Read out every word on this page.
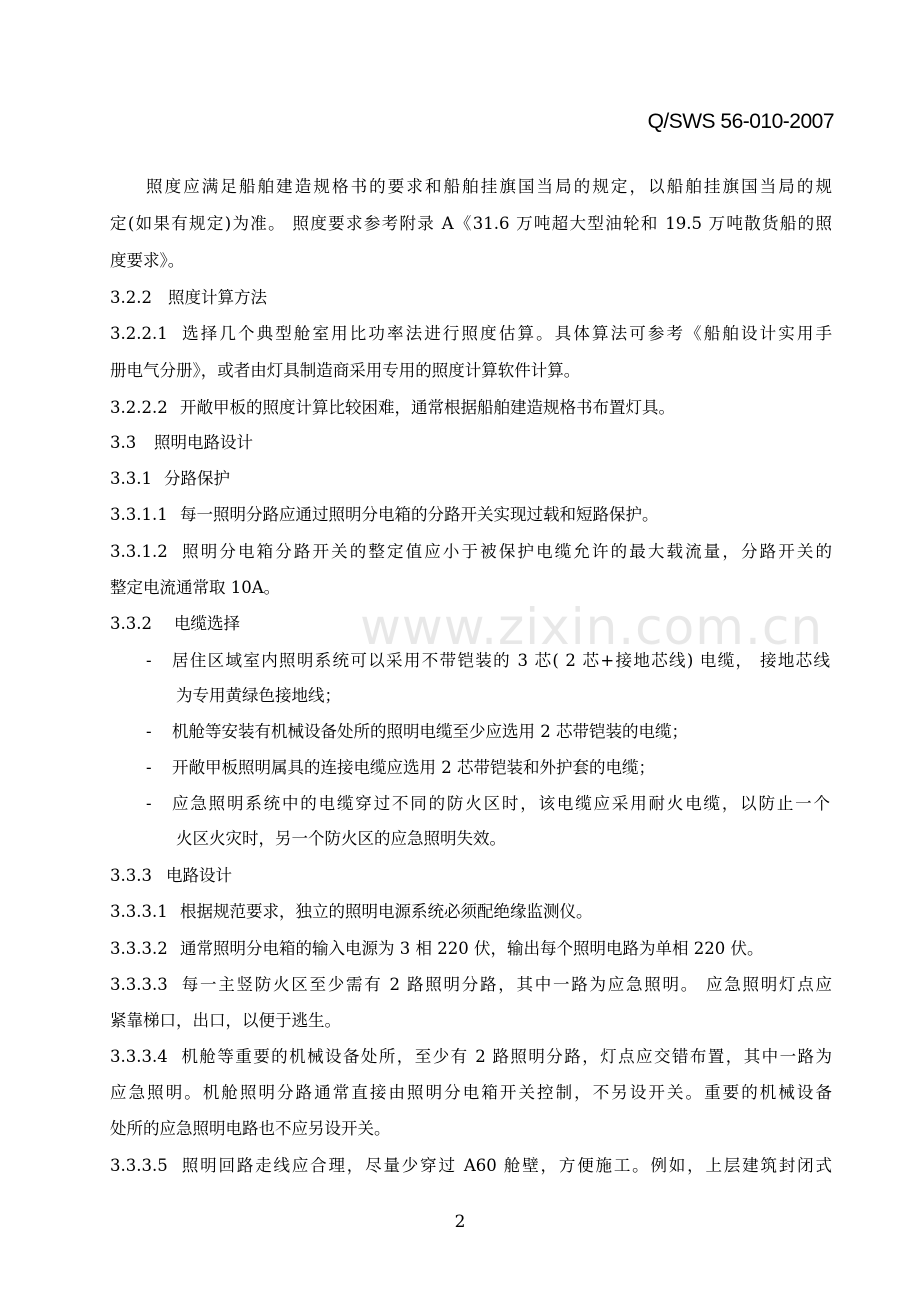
Q/SWS 56-010-2007
www.zixin.com.cn
照度应满足船舶建造规格书的要求和船舶挂旗国当局的规定，以船舶挂旗国当局的规
定(如果有规定)为准。 照度要求参考附录 A《31.6 万吨超大型油轮和 19.5 万吨散货船的照
度要求》。
3.2.2 照度计算方法
3.2.2.1 选择几个典型舱室用比功率法进行照度估算。具体算法可参考《船舶设计实用手
册电气分册》，或者由灯具制造商采用专用的照度计算软件计算。
3.2.2.2 开敞甲板的照度计算比较困难，通常根据船舶建造规格书布置灯具。
3.3 照明电路设计
3.3.1 分路保护
3.3.1.1 每一照明分路应通过照明分电箱的分路开关实现过载和短路保护。
3.3.1.2 照明分电箱分路开关的整定值应小于被保护电缆允许的最大载流量，分路开关的
整定电流通常取 10A。
3.3.2 电缆选择
- 居住区域室内照明系统可以采用不带铠装的 3 芯( 2 芯+接地芯线) 电缆， 接地芯线
为专用黄绿色接地线；
- 机舱等安装有机械设备处所的照明电缆至少应选用 2 芯带铠装的电缆；
- 开敞甲板照明属具的连接电缆应选用 2 芯带铠装和外护套的电缆；
- 应急照明系统中的电缆穿过不同的防火区时，该电缆应采用耐火电缆，以防止一个
火区火灾时，另一个防火区的应急照明失效。
3.3.3 电路设计
3.3.3.1 根据规范要求，独立的照明电源系统必须配绝缘监测仪。
3.3.3.2 通常照明分电箱的输入电源为 3 相 220 伏，输出每个照明电路为单相 220 伏。
3.3.3.3 每一主竖防火区至少需有 2 路照明分路，其中一路为应急照明。 应急照明灯点应
紧靠梯口，出口，以便于逃生。
3.3.3.4 机舱等重要的机械设备处所，至少有 2 路照明分路，灯点应交错布置，其中一路为
应急照明。机舱照明分路通常直接由照明分电箱开关控制，不另设开关。重要的机械设备
处所的应急照明电路也不应另设开关。
3.3.3.5 照明回路走线应合理，尽量少穿过 A60 舱壁，方便施工。例如，上层建筑封闭式
2
